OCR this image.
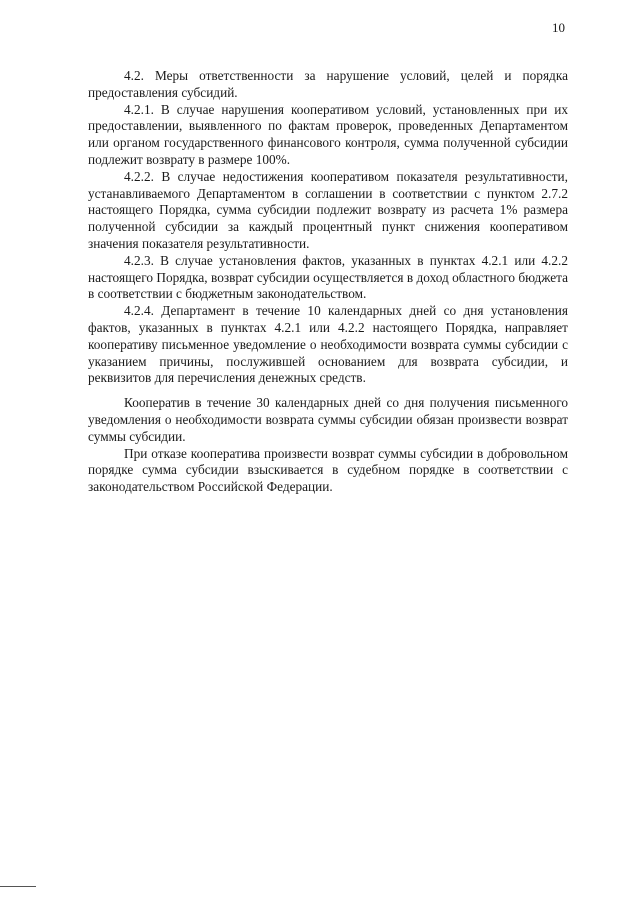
10

4.2. Меры ответственности за нарушение условий, целей и порядка предоставления субсидий.

4.2.1. В случае нарушения кооперативом условий, установленных при их предоставлении, выявленного по фактам проверок, проведенных Департаментом или органом государственного финансового контроля, сумма полученной субсидии подлежит возврату в размере 100%.

4.2.2. В случае недостижения кооперативом показателя результативности, устанавливаемого Департаментом в соглашении в соответствии с пунктом 2.7.2 настоящего Порядка, сумма субсидии подлежит возврату из расчета 1% размера полученной субсидии за каждый процентный пункт снижения кооперативом значения показателя результативности.

4.2.3. В случае установления фактов, указанных в пунктах 4.2.1 или 4.2.2 настоящего Порядка, возврат субсидии осуществляется в доход областного бюджета в соответствии с бюджетным законодательством.

4.2.4. Департамент в течение 10 календарных дней со дня установления фактов, указанных в пунктах 4.2.1 или 4.2.2 настоящего Порядка, направляет кооперативу письменное уведомление о необходимости возврата суммы субсидии с указанием причины, послужившей основанием для возврата субсидии, и реквизитов для перечисления денежных средств.

Кооператив в течение 30 календарных дней со дня получения письменного уведомления о необходимости возврата суммы субсидии обязан произвести возврат суммы субсидии.

При отказе кооператива произвести возврат суммы субсидии в добровольном порядке сумма субсидии взыскивается в судебном порядке в соответствии с законодательством Российской Федерации.
